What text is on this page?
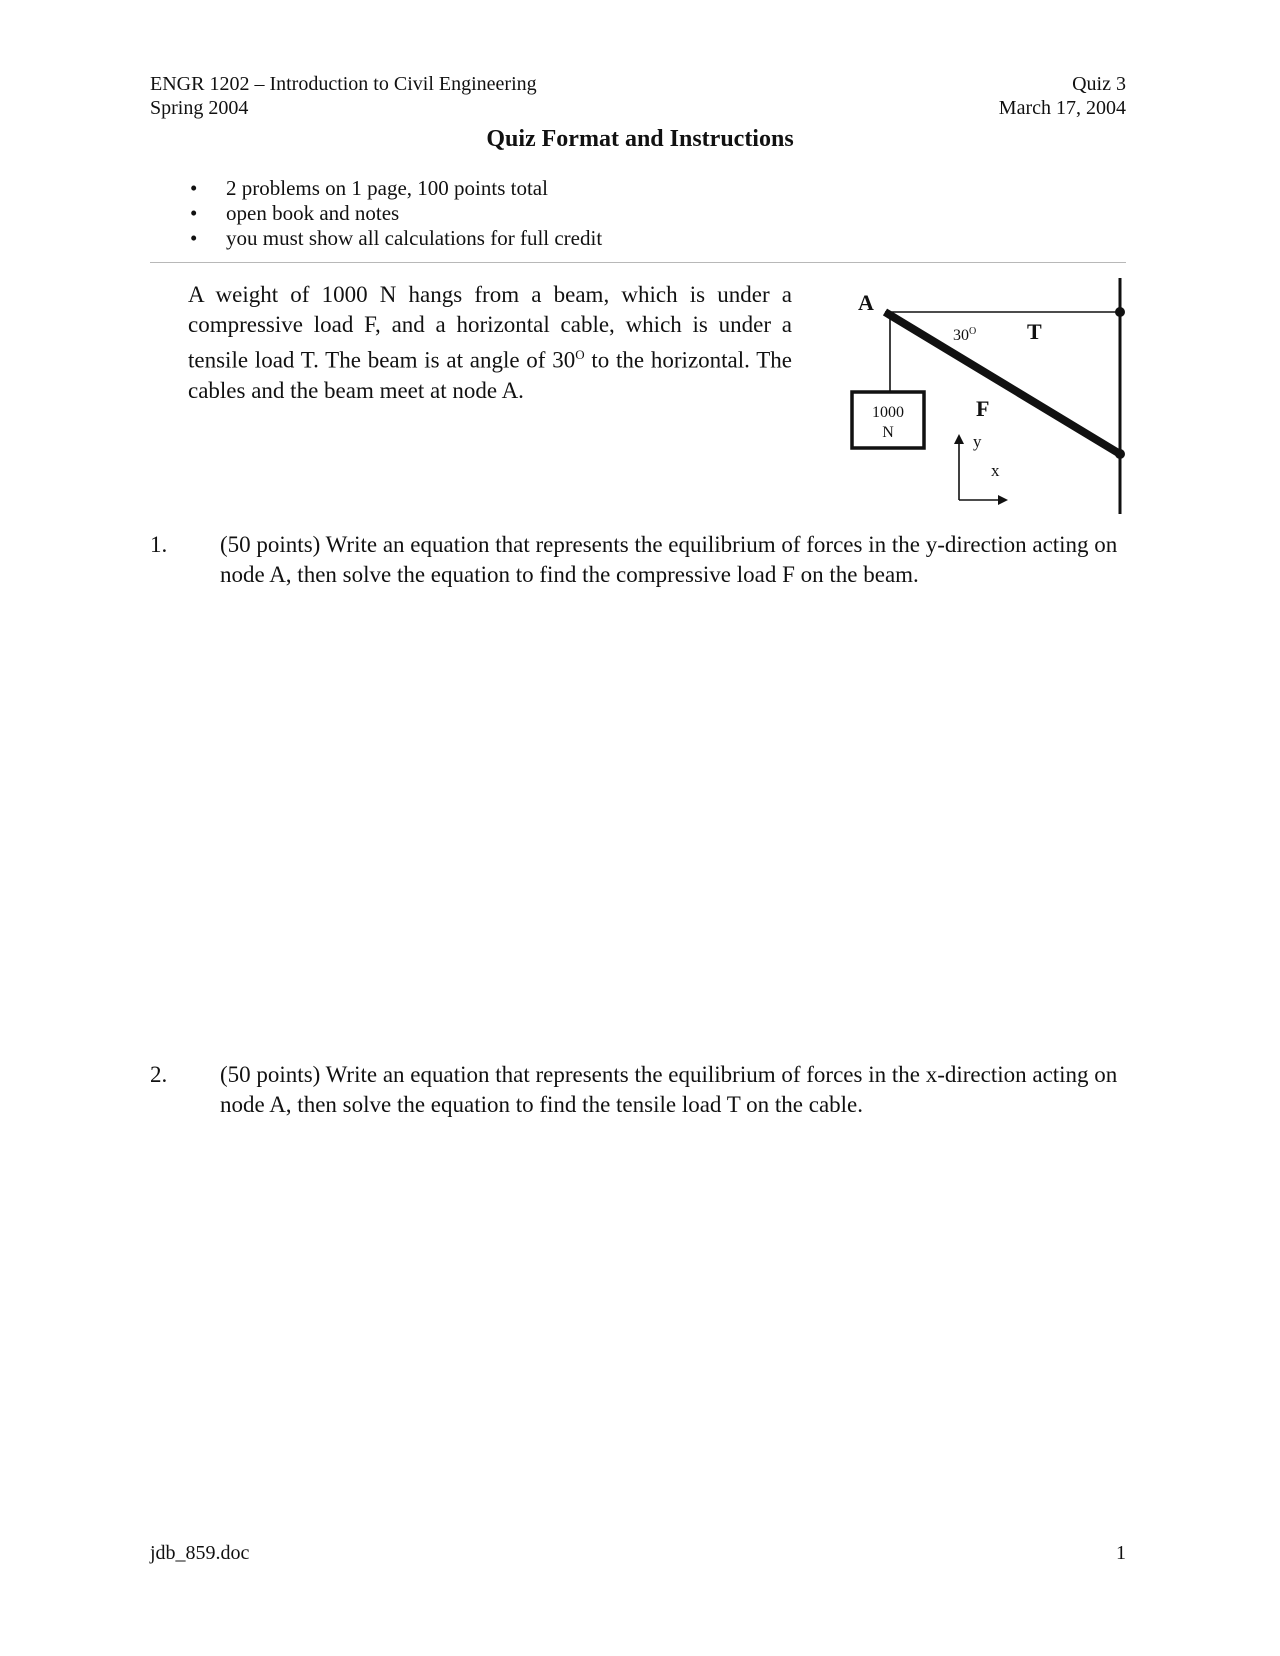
ENGR 1202 – Introduction to Civil Engineering
Spring 2004
Quiz 3
March 17, 2004
Quiz Format and Instructions
• 2 problems on 1 page, 100 points total
• open book and notes
• you must show all calculations for full credit
A weight of 1000 N hangs from a beam, which is under a compressive load F, and a horizontal cable, which is under a tensile load T. The beam is at angle of $30^O$ to the horizontal. The cables and the beam meet at node A.
1000
N
A
$30^O$ T
F
y
x
1.	(50 points) Write an equation that represents the equilibrium of forces in the y-direction acting on node A, then solve the equation to find the compressive load F on the beam.
2.	(50 points) Write an equation that represents the equilibrium of forces in the x-direction acting on node A, then solve the equation to find the tensile load T on the cable.
jdb_859.doc	1
